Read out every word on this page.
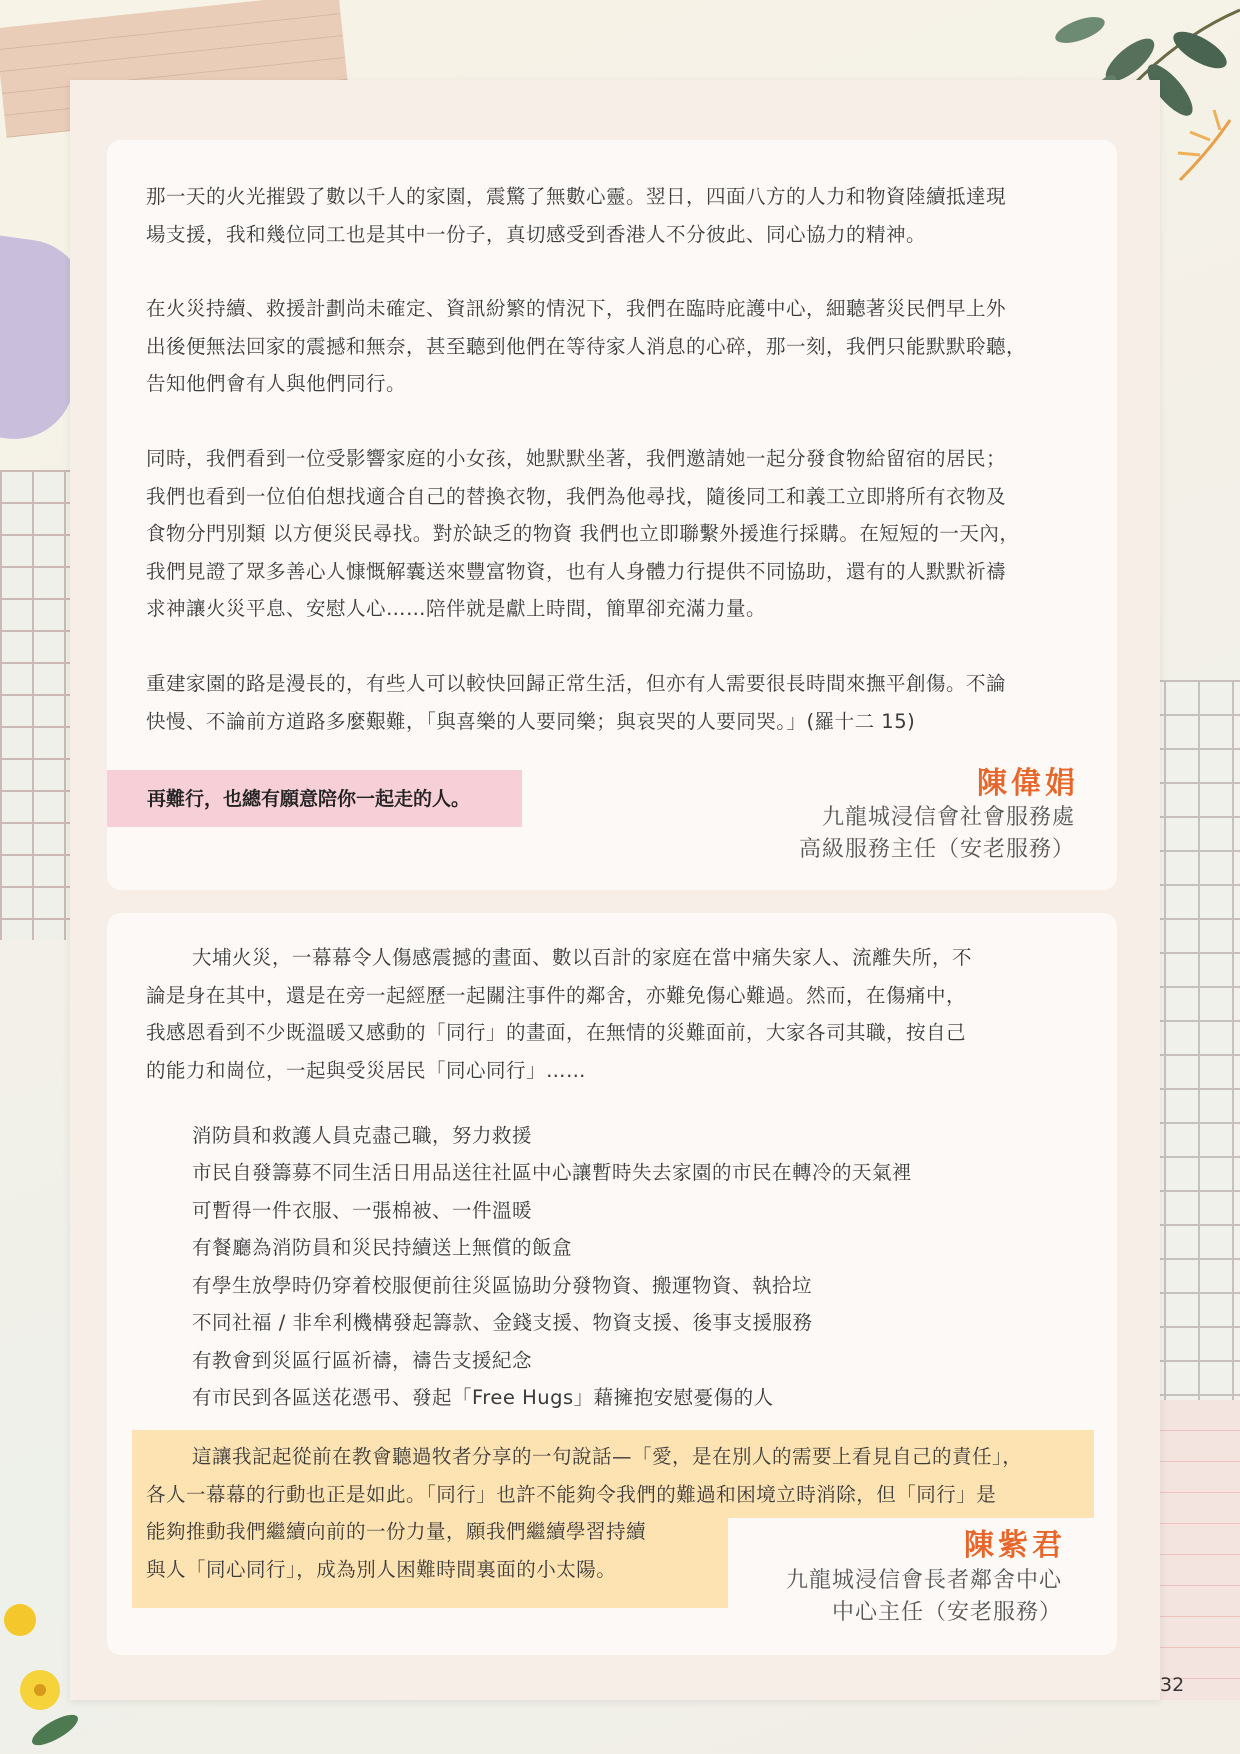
那一天的火光摧毀了數以千人的家園，震驚了無數心靈。翌日，四面八方的人力和物資陸續抵達現
場支援，我和幾位同工也是其中一份子，真切感受到香港人不分彼此、同心協力的精神。

在火災持續、救援計劃尚未確定、資訊紛繁的情況下，我們在臨時庇護中心，細聽著災民們早上外
出後便無法回家的震撼和無奈，甚至聽到他們在等待家人消息的心碎，那一刻，我們只能默默聆聽，
告知他們會有人與他們同行。

同時，我們看到一位受影響家庭的小女孩，她默默坐著，我們邀請她一起分發食物給留宿的居民；
我們也看到一位伯伯想找適合自己的替換衣物，我們為他尋找，隨後同工和義工立即將所有衣物及
食物分門別類 以方便災民尋找。對於缺乏的物資 我們也立即聯繫外援進行採購。在短短的一天內，
我們見證了眾多善心人慷慨解囊送來豐富物資，也有人身體力行提供不同協助，還有的人默默祈禱
求神讓火災平息、安慰人心……陪伴就是獻上時間，簡單卻充滿力量。

重建家園的路是漫長的，有些人可以較快回歸正常生活，但亦有人需要很長時間來撫平創傷。不論
快慢、不論前方道路多麼艱難，「與喜樂的人要同樂；與哀哭的人要同哭。」(羅十二 15)

再難行，也總有願意陪你一起走的人。	陳偉娟
九龍城浸信會社會服務處
高級服務主任（安老服務）

大埔火災，一幕幕令人傷感震撼的畫面、數以百計的家庭在當中痛失家人、流離失所，不
論是身在其中，還是在旁一起經歷一起關注事件的鄰舍，亦難免傷心難過。然而，在傷痛中，
我感恩看到不少既溫暖又感動的「同行」的畫面，在無情的災難面前，大家各司其職，按自己
的能力和崗位，一起與受災居民「同心同行」……

消防員和救護人員克盡己職，努力救援
市民自發籌募不同生活日用品送往社區中心讓暫時失去家園的市民在轉冷的天氣裡
可暫得一件衣服、一張棉被、一件溫暖
有餐廳為消防員和災民持續送上無償的飯盒
有學生放學時仍穿着校服便前往災區協助分發物資、搬運物資、執拾垃
不同社福 / 非牟利機構發起籌款、金錢支援、物資支援、後事支援服務
有教會到災區行區祈禱，禱告支援紀念
有市民到各區送花憑弔、發起「Free Hugs」藉擁抱安慰憂傷的人

這讓我記起從前在教會聽過牧者分享的一句說話—「愛，是在別人的需要上看見自己的責任」，
各人一幕幕的行動也正是如此。「同行」也許不能夠令我們的難過和困境立時消除，但「同行」是

能夠推動我們繼續向前的一份力量，願我們繼續學習持續
與人「同心同行」，成為別人困難時間裏面的小太陽。

陳紫君
九龍城浸信會長者鄰舍中心
中心主任（安老服務）
32
